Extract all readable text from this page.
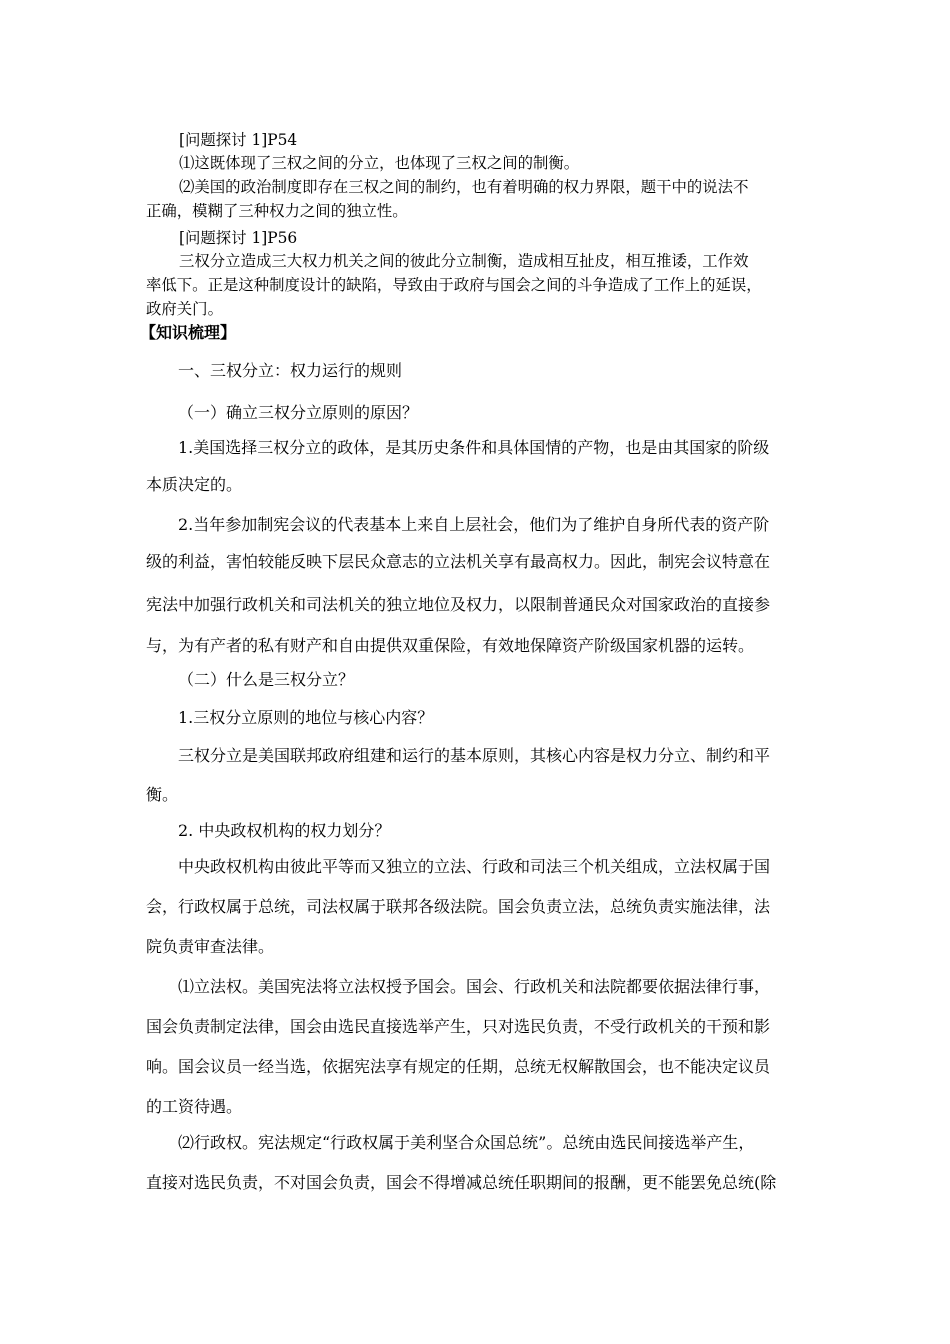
[问题探讨 1]P54
⑴这既体现了三权之间的分立，也体现了三权之间的制衡。
⑵美国的政治制度即存在三权之间的制约，也有着明确的权力界限，题干中的说法不
正确，模糊了三种权力之间的独立性。
[问题探讨 1]P56
三权分立造成三大权力机关之间的彼此分立制衡，造成相互扯皮，相互推诿，工作效
率低下。正是这种制度设计的缺陷，导致由于政府与国会之间的斗争造成了工作上的延误，
政府关门。
【知识梳理】
一、三权分立：权力运行的规则
（一）确立三权分立原则的原因？
1.美国选择三权分立的政体，是其历史条件和具体国情的产物，也是由其国家的阶级
本质决定的。
2.当年参加制宪会议的代表基本上来自上层社会，他们为了维护自身所代表的资产阶
级的利益，害怕较能反映下层民众意志的立法机关享有最高权力。因此，制宪会议特意在
宪法中加强行政机关和司法机关的独立地位及权力，以限制普通民众对国家政治的直接参
与，为有产者的私有财产和自由提供双重保险，有效地保障资产阶级国家机器的运转。
（二）什么是三权分立？
1.三权分立原则的地位与核心内容？
三权分立是美国联邦政府组建和运行的基本原则，其核心内容是权力分立、制约和平
衡。
2. 中央政权机构的权力划分？
中央政权机构由彼此平等而又独立的立法、行政和司法三个机关组成，立法权属于国
会，行政权属于总统，司法权属于联邦各级法院。国会负责立法，总统负责实施法律，法
院负责审查法律。
⑴立法权。美国宪法将立法权授予国会。国会、行政机关和法院都要依据法律行事，
国会负责制定法律，国会由选民直接选举产生，只对选民负责，不受行政机关的干预和影
响。国会议员一经当选，依据宪法享有规定的任期，总统无权解散国会，也不能决定议员
的工资待遇。
⑵行政权。宪法规定“行政权属于美利坚合众国总统”。总统由选民间接选举产生，
直接对选民负责，不对国会负责，国会不得增减总统任职期间的报酬，更不能罢免总统(除
